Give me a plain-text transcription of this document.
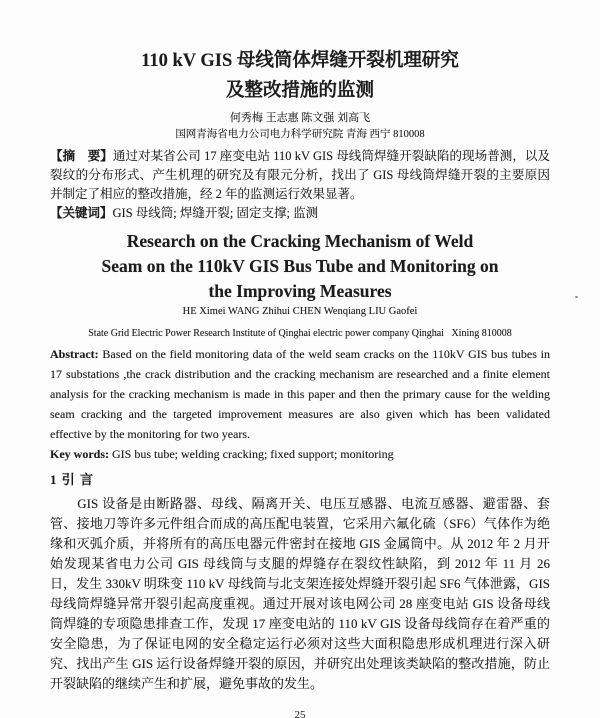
110 kV GIS 母线筒体焊缝开裂机理研究
及整改措施的监测
何秀梅 王志惠 陈文强 刘高飞
国网青海省电力公司电力科学研究院 青海 西宁 810008

【摘　要】通过对某省公司 17 座变电站 110 kV GIS 母线筒焊缝开裂缺陷的现场普测，以及裂纹的分布形式、产生机理的研究及有限元分析，找出了 GIS 母线筒焊缝开裂的主要原因并制定了相应的整改措施，经 2 年的监测运行效果显著。

【关键词】GIS 母线筒; 焊缝开裂; 固定支撑; 监测

Research on the Cracking Mechanism of Weld
Seam on the 110kV GIS Bus Tube and Monitoring on
the Improving Measures
HE Ximei WANG Zhihui CHEN Wenqiang LIU Gaofei
State Grid Electric Power Research Institute of Qinghai electric power company Qinghai   Xining 810008

Abstract: Based on the field monitoring data of the weld seam cracks on the 110kV GIS bus tubes in 17 substations ,the crack distribution and the cracking mechanism are researched and a finite element analysis for the cracking mechanism is made in this paper and then the primary cause for the welding seam cracking and the targeted improvement measures are also given which has been validated effective by the monitoring for two years.

Key words: GIS bus tube; welding cracking; fixed support; monitoring

1 引 言

GIS 设备是由断路器、母线、隔离开关、电压互感器、电流互感器、避雷器、套管、接地刀等许多元件组合而成的高压配电装置，它采用六氟化硫（SF6）气体作为绝缘和灭弧介质，并将所有的高压电器元件密封在接地 GIS 金属筒中。从 2012 年 2 月开始发现某省电力公司 GIS 母线筒与支腿的焊缝存在裂纹性缺陷，到 2012 年 11 月 26 日，发生 330kV 明珠变 110 kV 母线筒与北支架连接处焊缝开裂引起 SF6 气体泄露，GIS 母线筒焊缝异常开裂引起高度重视。通过开展对该电网公司 28 座变电站 GIS 设备母线筒焊缝的专项隐患排查工作，发现 17 座变电站的 110 kV GIS 设备母线筒存在着严重的安全隐患，为了保证电网的安全稳定运行必须对这些大面积隐患形成机理进行深入研究、找出产生 GIS 运行设备焊缝开裂的原因，并研究出处理该类缺陷的整改措施，防止开裂缺陷的继续产生和扩展，避免事故的发生。

25
